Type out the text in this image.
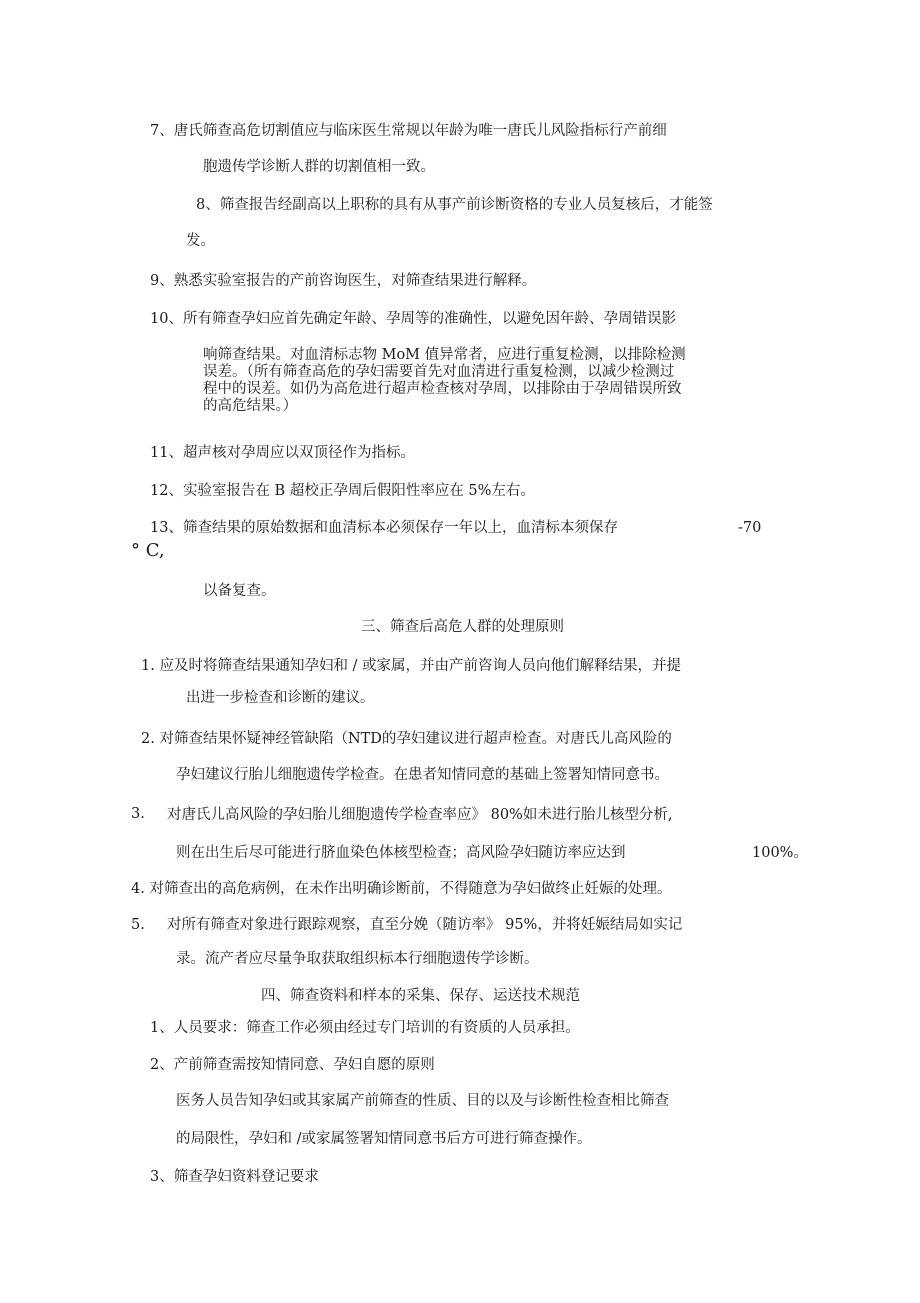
7、唐氏筛查高危切割值应与临床医生常规以年龄为唯一唐氏儿风险指标行产前细
胞遗传学诊断人群的切割值相一致。
8、筛查报告经副高以上职称的具有从事产前诊断资格的专业人员复核后，才能签
发。
9、熟悉实验室报告的产前咨询医生，对筛查结果进行解释。
10、所有筛查孕妇应首先确定年龄、孕周等的准确性，以避免因年龄、孕周错误影
响筛查结果。对血清标志物 MoM 值异常者，应进行重复检测，以排除检测
误差。（所有筛查高危的孕妇需要首先对血清进行重复检测，以减少检测过
程中的误差。如仍为高危进行超声检查核对孕周，以排除由于孕周错误所致
的高危结果。）
11、超声核对孕周应以双顶径作为指标。
12、实验室报告在 B 超校正孕周后假阳性率应在 5%左右。
13、筛查结果的原始数据和血清标本必须保存一年以上，血清标本须保存	-70
° C,
以备复查。
三、筛查后高危人群的处理原则
1. 应及时将筛查结果通知孕妇和 / 或家属，并由产前咨询人员向他们解释结果，并提
出进一步检查和诊断的建议。
2. 对筛查结果怀疑神经管缺陷（NTD的孕妇建议进行超声检查。对唐氏儿高风险的
孕妇建议行胎儿细胞遗传学检查。在患者知情同意的基础上签署知情同意书。
3. 对唐氏儿高风险的孕妇胎儿细胞遗传学检查率应》 80%如未进行胎儿核型分析,
则在出生后尽可能进行脐血染色体核型检查；高风险孕妇随访率应达到	100%。
4. 对筛查出的高危病例，在未作出明确诊断前，不得随意为孕妇做终止妊娠的处理。
5. 对所有筛查对象进行跟踪观察，直至分娩（随访率》 95%，并将妊娠结局如实记
录。流产者应尽量争取获取组织标本行细胞遗传学诊断。
四、筛查资料和样本的采集、保存、运送技术规范
1、人员要求：筛查工作必须由经过专门培训的有资质的人员承担。
2、产前筛查需按知情同意、孕妇自愿的原则
医务人员告知孕妇或其家属产前筛查的性质、目的以及与诊断性检查相比筛查
的局限性，孕妇和 /或家属签署知情同意书后方可进行筛查操作。
3、筛查孕妇资料登记要求
